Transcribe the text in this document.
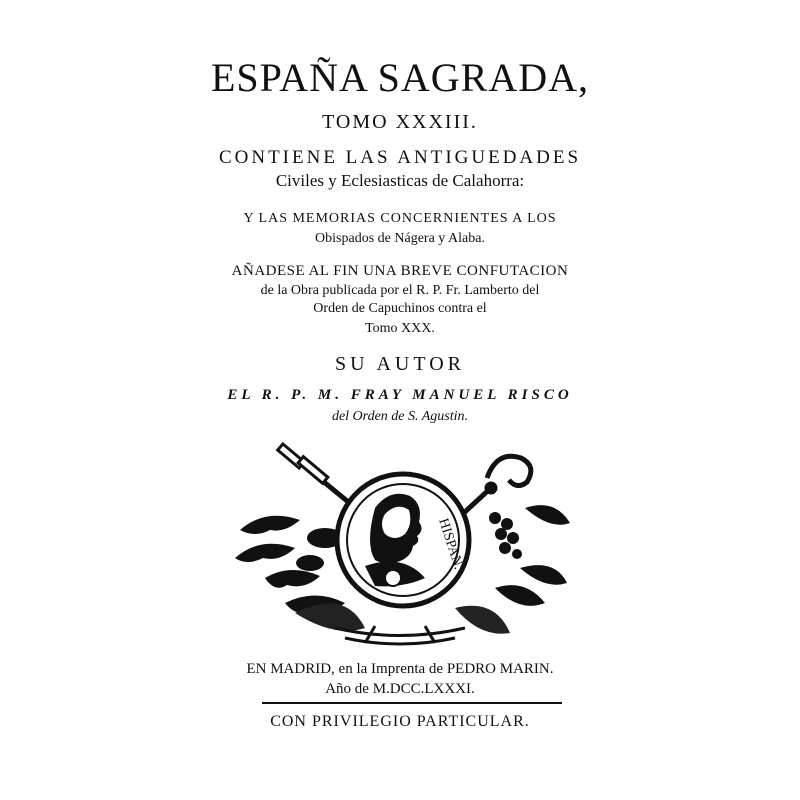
ESPAÑA SAGRADA,
TOMO XXXIII.
CONTIENE LAS ANTIGUEDADES
Civiles y Eclesiasticas de Calahorra:
Y LAS MEMORIAS CONCERNIENTES A LOS
Obispados de Nágera y Alaba.
AÑADESE AL FIN UNA BREVE CONFUTACION
de la Obra publicada por el R. P. Fr. Lamberto del
Orden de Capuchinos contra el
Tomo XXX.
SU AUTOR
EL R. P. M. FRAY MANUEL RISCO
del Orden de S. Agustin.
HISPAN.
EN MADRID, en la Imprenta de PEDRO MARIN.
Año de M.DCC.LXXXI.
CON PRIVILEGIO PARTICULAR.
